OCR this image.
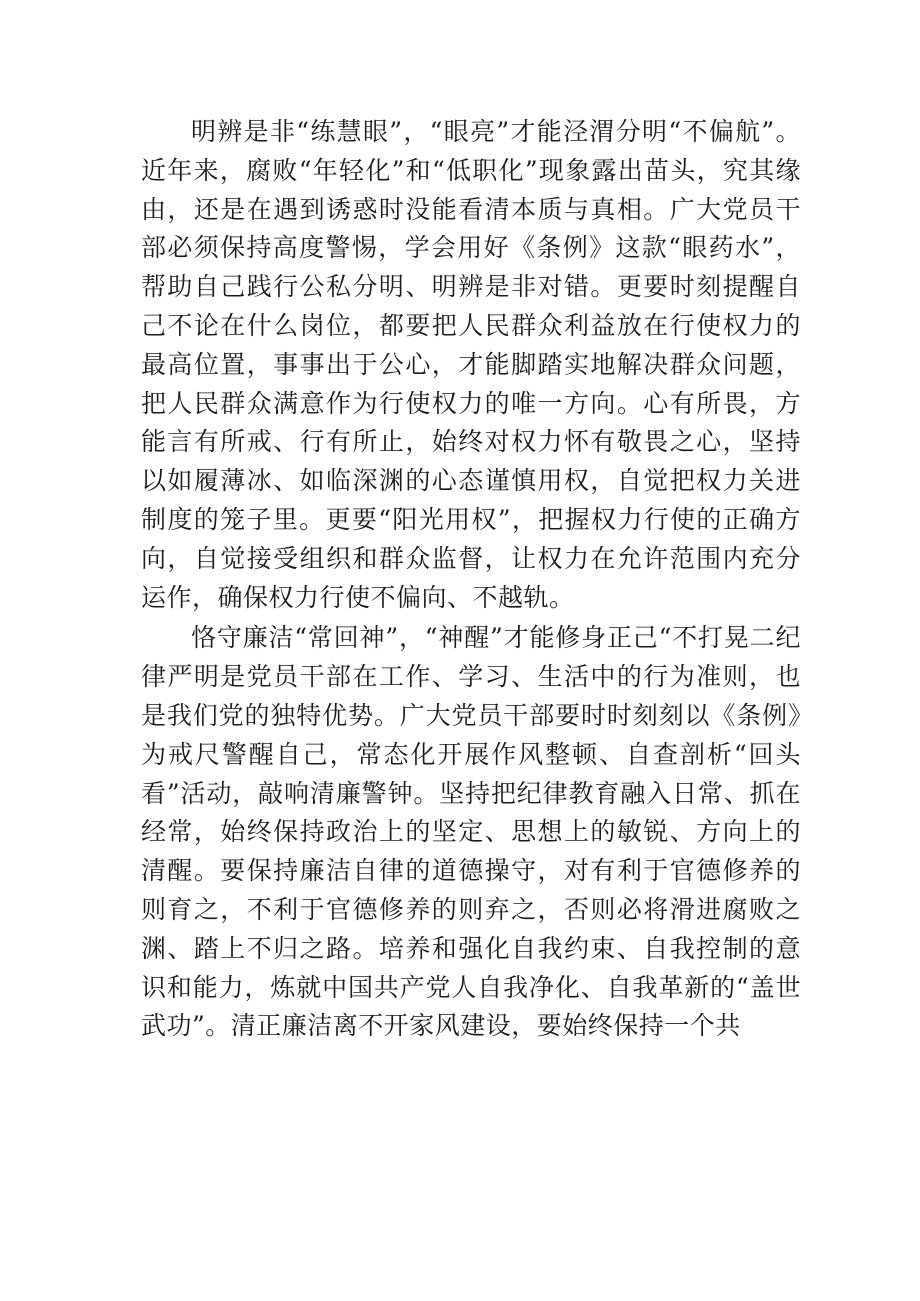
明辨是非“练慧眼”，“眼亮”才能泾渭分明“不偏航”。近年来，腐败“年轻化”和“低职化”现象露出苗头，究其缘由，还是在遇到诱惑时没能看清本质与真相。广大党员干部必须保持高度警惕，学会用好《条例》这款“眼药水”，帮助自己践行公私分明、明辨是非对错。更要时刻提醒自己不论在什么岗位，都要把人民群众利益放在行使权力的最高位置，事事出于公心，才能脚踏实地解决群众问题，把人民群众满意作为行使权力的唯一方向。心有所畏，方能言有所戒、行有所止，始终对权力怀有敬畏之心，坚持以如履薄冰、如临深渊的心态谨慎用权，自觉把权力关进制度的笼子里。更要“阳光用权”，把握权力行使的正确方向，自觉接受组织和群众监督，让权力在允许范围内充分运作，确保权力行使不偏向、不越轨。

恪守廉洁“常回神”，“神醒”才能修身正己“不打晃二纪律严明是党员干部在工作、学习、生活中的行为准则，也是我们党的独特优势。广大党员干部要时时刻刻以《条例》为戒尺警醒自己，常态化开展作风整顿、自查剖析“回头看”活动，敲响清廉警钟。坚持把纪律教育融入日常、抓在经常，始终保持政治上的坚定、思想上的敏锐、方向上的清醒。要保持廉洁自律的道德操守，对有利于官德修养的则育之，不利于官德修养的则弃之，否则必将滑进腐败之渊、踏上不归之路。培养和强化自我约束、自我控制的意识和能力，炼就中国共产党人自我净化、自我革新的“盖世武功”。清正廉洁离不开家风建设，要始终保持一个共
